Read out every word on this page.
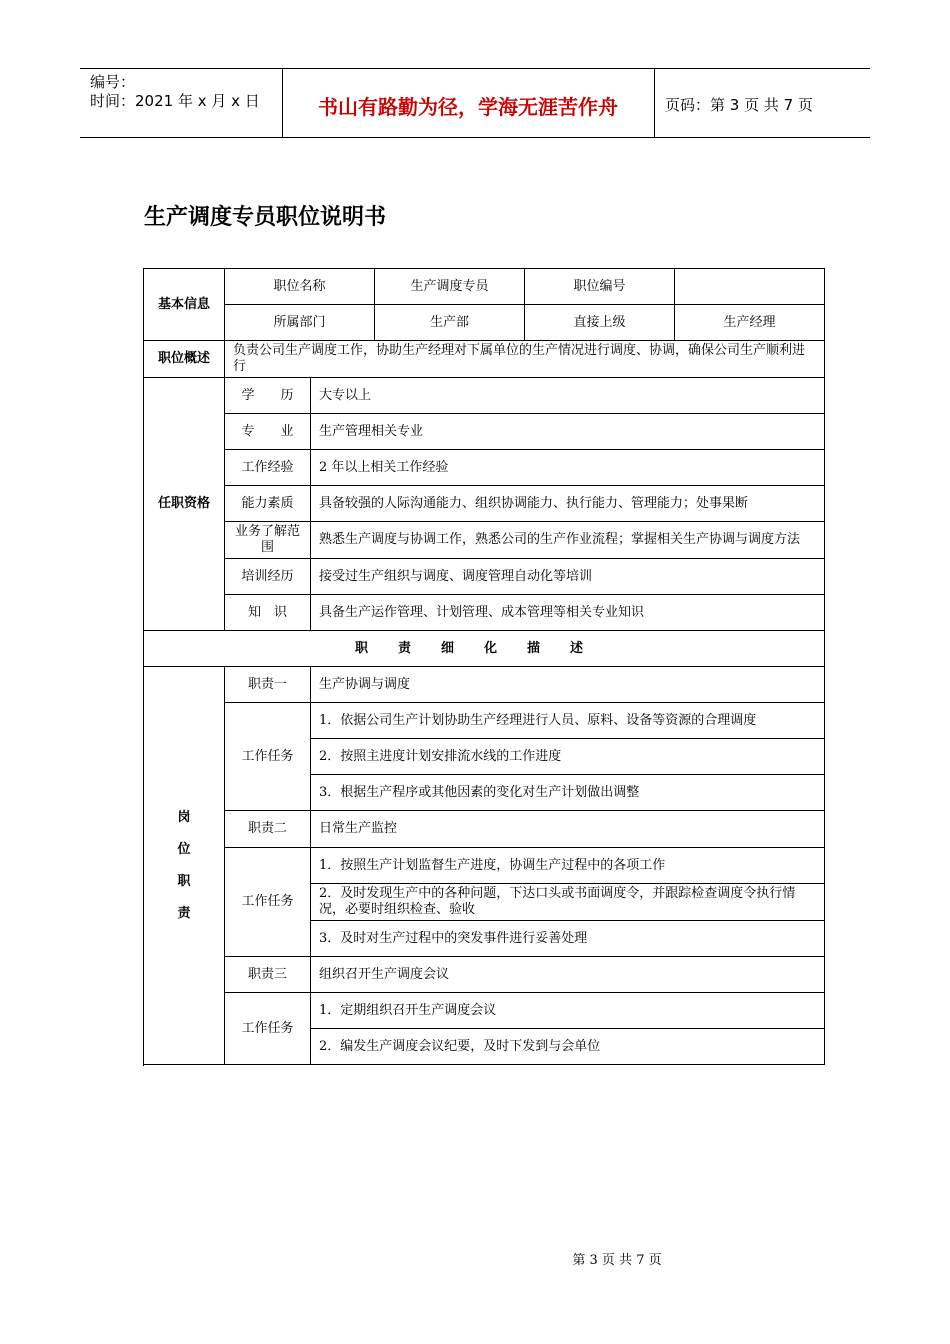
编号：
时间：2021 年 x 月 x 日	书山有路勤为径，学海无涯苦作舟	页码：第 3 页 共 7 页
生产调度专员职位说明书
基本信息	职位名称		生产调度专员	职位编号	
	所属部门		生产部	直接上级	生产经理
职位概述	负责公司生产调度工作，协助生产经理对下属单位的生产情况进行调度、协调，确保公司生产顺利进行				
任职资格	学　　历	大专以上			
	专　　业	生产管理相关专业			
	工作经验	2 年以上相关工作经验			
	能力素质	具备较强的人际沟通能力、组织协调能力、执行能力、管理能力；处事果断			
	业务了解范围	熟悉生产调度与协调工作，熟悉公司的生产作业流程；掌握相关生产协调与调度方法			
	培训经历	接受过生产组织与调度、调度管理自动化等培训			
	知　识	具备生产运作管理、计划管理、成本管理等相关专业知识			
职责细化描述					

岗
位
职
责	职责一	生产协调与调度			
	工作任务	1．依据公司生产计划协助生产经理进行人员、原料、设备等资源的合理调度			
		2．按照主进度计划安排流水线的工作进度			
		3．根据生产程序或其他因素的变化对生产计划做出调整			
	职责二	日常生产监控			
	工作任务	1．按照生产计划监督生产进度，协调生产过程中的各项工作			
		2．及时发现生产中的各种问题，下达口头或书面调度令，并跟踪检查调度令执行情况，必要时组织检查、验收			
		3．及时对生产过程中的突发事件进行妥善处理			
	职责三	组织召开生产调度会议			
	工作任务	1．定期组织召开生产调度会议			
		2．编发生产调度会议纪要，及时下发到与会单位			

第 3 页 共 7 页
